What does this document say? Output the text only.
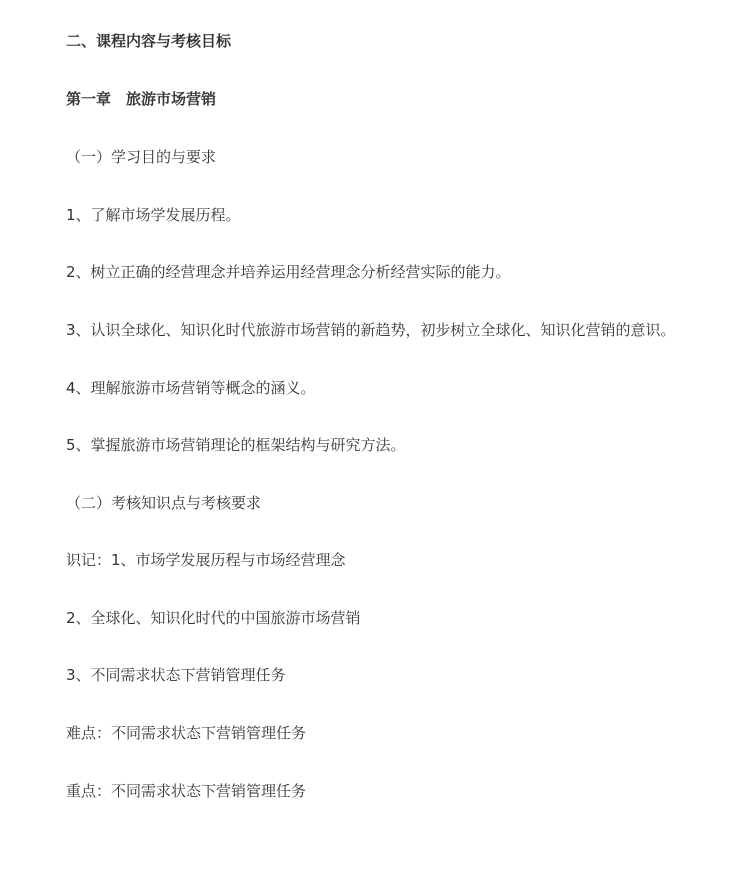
二、课程内容与考核目标

第一章　旅游市场营销

（一）学习目的与要求

1、了解市场学发展历程。

2、树立正确的经营理念并培养运用经营理念分析经营实际的能力。

3、认识全球化、知识化时代旅游市场营销的新趋势，初步树立全球化、知识化营销的意识。

4、理解旅游市场营销等概念的涵义。

5、掌握旅游市场营销理论的框架结构与研究方法。

（二）考核知识点与考核要求

识记：1、市场学发展历程与市场经营理念

2、全球化、知识化时代的中国旅游市场营销

3、不同需求状态下营销管理任务

难点：不同需求状态下营销管理任务

重点：不同需求状态下营销管理任务
